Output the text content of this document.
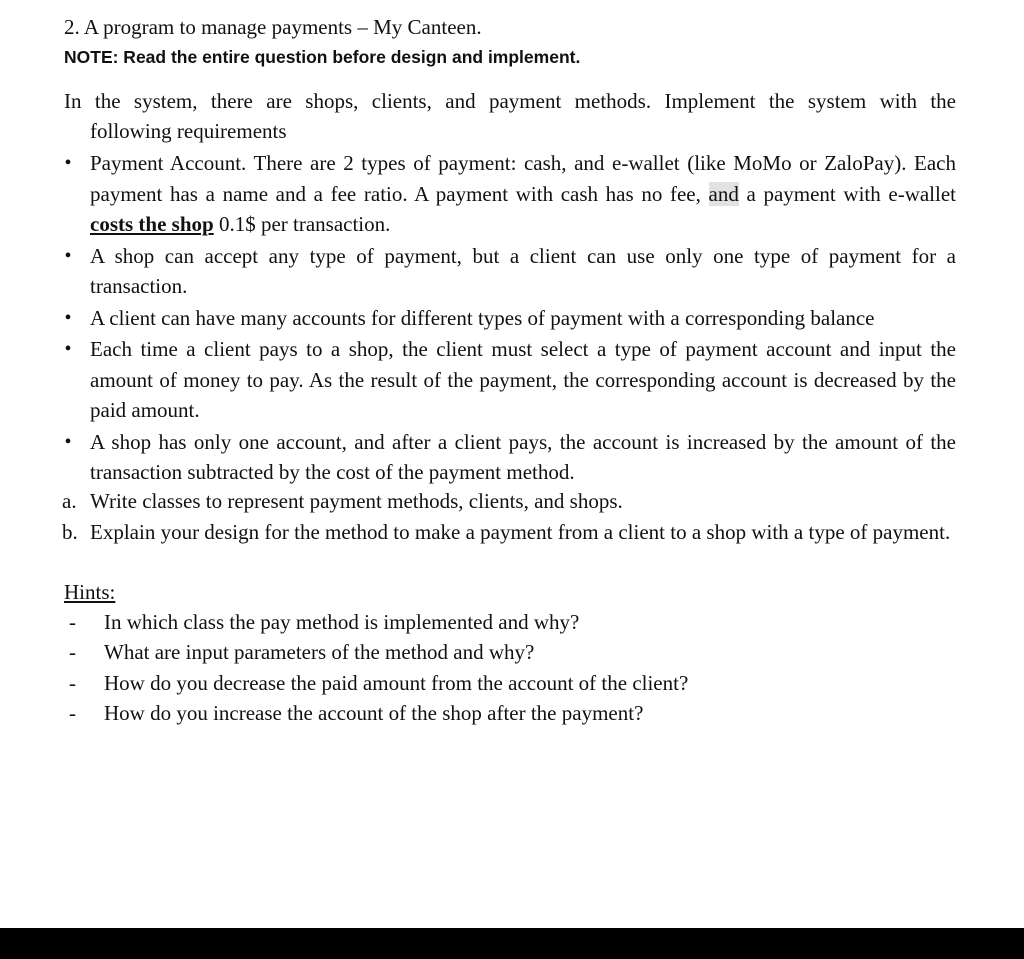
2. A program to manage payments – My Canteen.
NOTE: Read the entire question before design and implement.
In the system, there are shops, clients, and payment methods. Implement the system with the
following requirements
• Payment Account. There are 2 types of payment: cash, and e-wallet (like MoMo or ZaloPay). Each payment has a name and a fee ratio. A payment with cash has no fee, and a payment with e-wallet costs the shop 0.1$ per transaction.
• A shop can accept any type of payment, but a client can use only one type of payment for a transaction.
• A client can have many accounts for different types of payment with a corresponding balance
• Each time a client pays to a shop, the client must select a type of payment account and input the amount of money to pay. As the result of the payment, the corresponding account is decreased by the paid amount.
• A shop has only one account, and after a client pays, the account is increased by the amount of the transaction subtracted by the cost of the payment method.
a. Write classes to represent payment methods, clients, and shops.
b. Explain your design for the method to make a payment from a client to a shop with a type of payment.
Hints:
- In which class the pay method is implemented and why?
- What are input parameters of the method and why?
- How do you decrease the paid amount from the account of the client?
- How do you increase the account of the shop after the payment?
